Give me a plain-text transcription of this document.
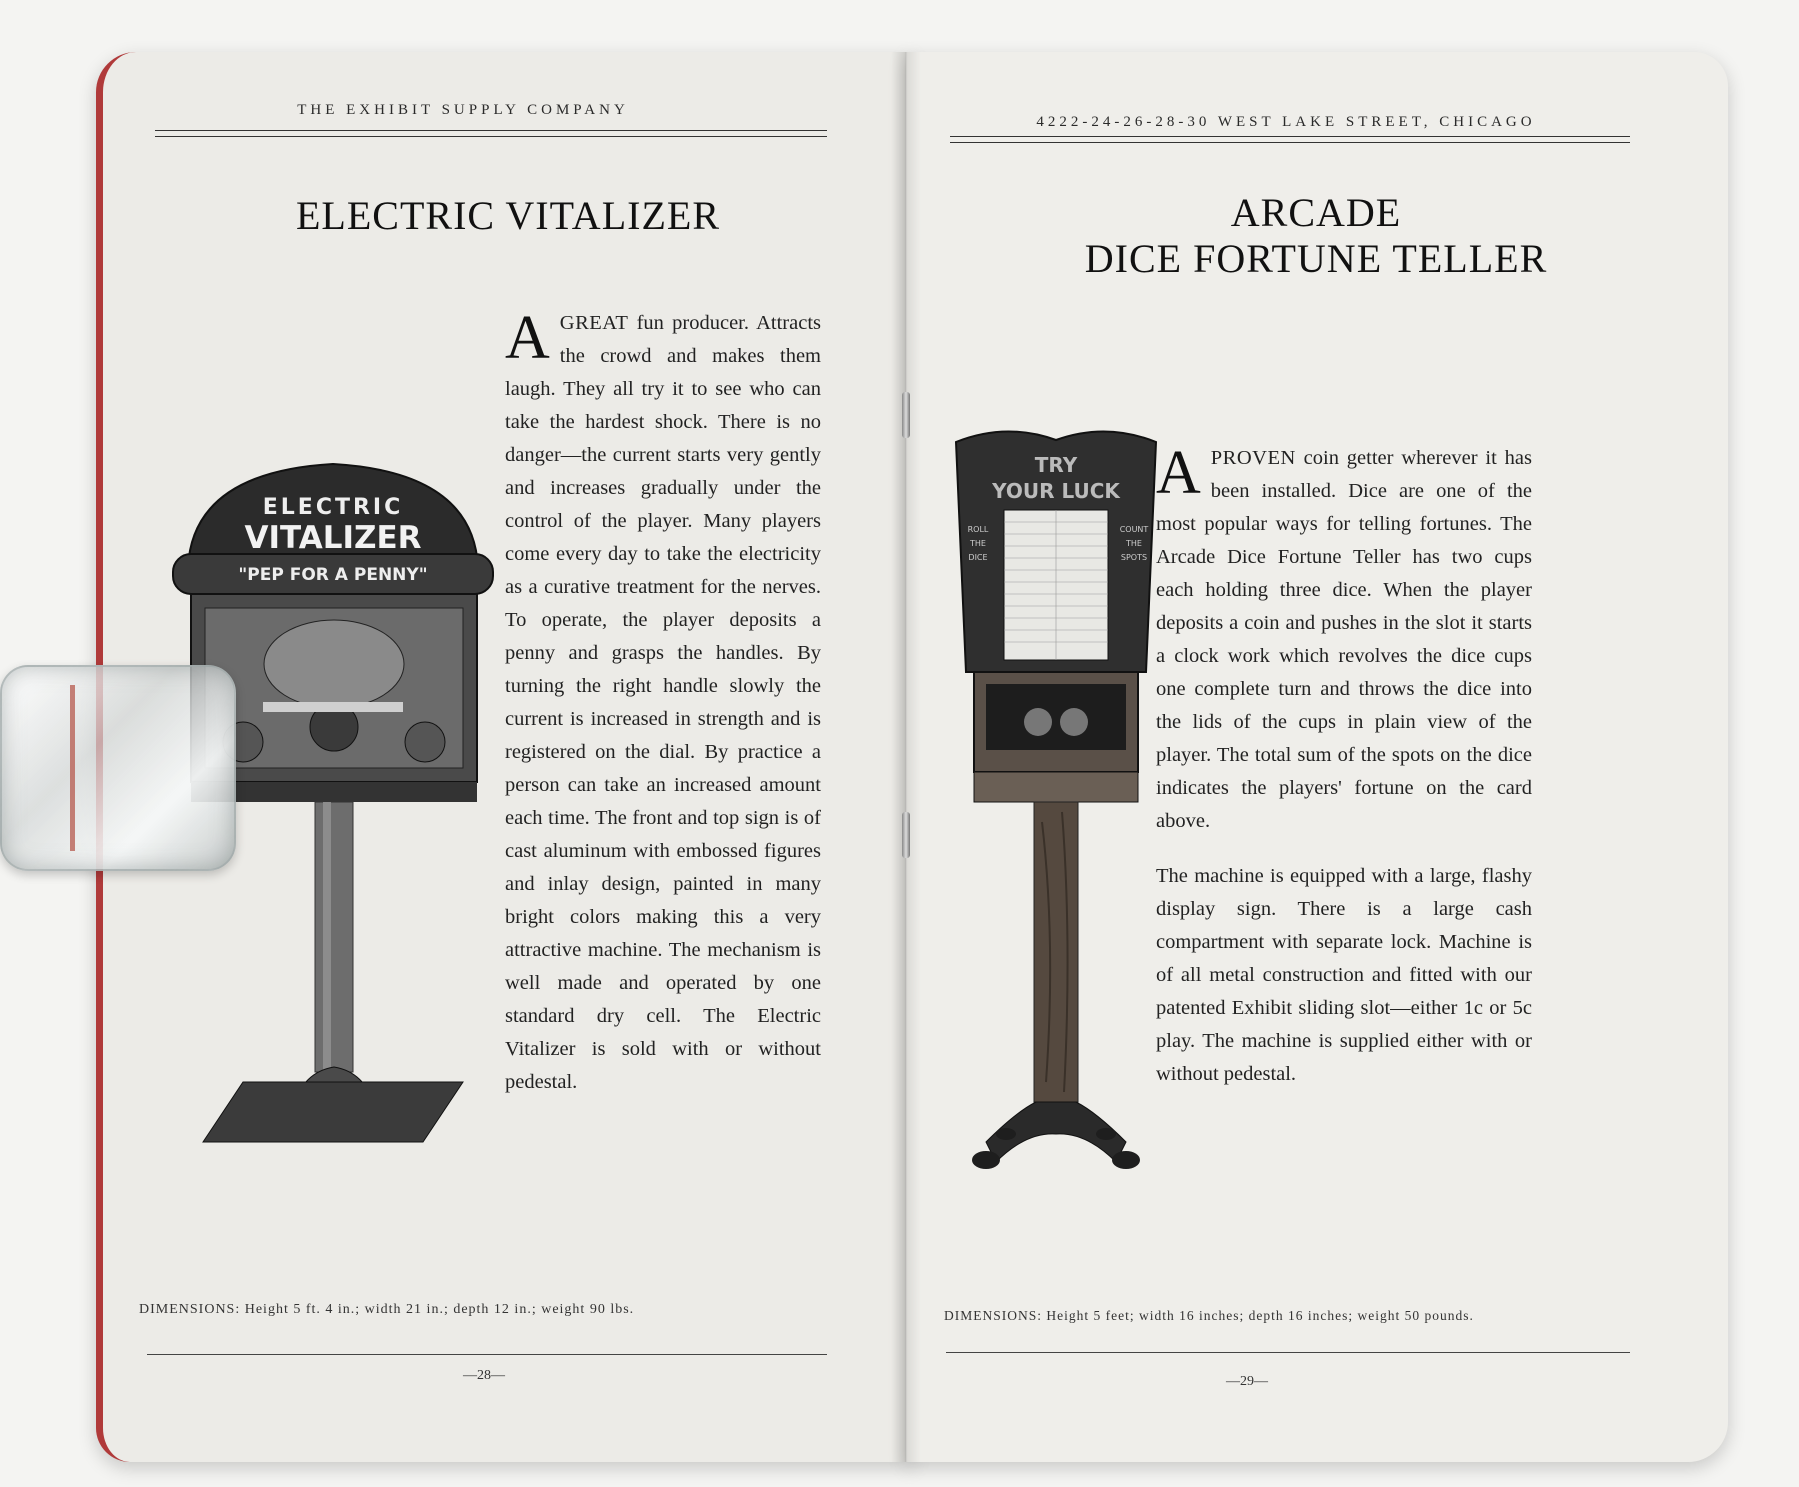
THE EXHIBIT SUPPLY COMPANY
ELECTRIC VITALIZER
ELECTRIC
VITALIZER
"PEP FOR A PENNY"
AGREAT fun producer. Attracts the crowd and makes them laugh. They all try it to see who can take the hardest shock. There is no danger—the current starts very gently and increases gradually under the control of the player. Many players come every day to take the electricity as a curative treatment for the nerves. To operate, the player deposits a penny and grasps the handles. By turning the right handle slowly the current is increased in strength and is registered on the dial. By practice a person can take an increased amount each time. The front and top sign is of cast aluminum with embossed figures and inlay design, painted in many bright colors making this a very attractive machine. The mechanism is well made and operated by one standard dry cell. The Electric Vitalizer is sold with or without pedestal.
DIMENSIONS: Height 5 ft. 4 in.; width 21 in.; depth 12 in.; weight 90 lbs.
—28—
4222-24-26-28-30 WEST LAKE STREET, CHICAGO
ARCADE
DICE FORTUNE TELLER
TRY
YOUR LUCK
ROLL
THE
DICE
COUNT
THE
SPOTS
APROVEN coin getter wherever it has been installed. Dice are one of the most popular ways for telling fortunes. The Arcade Dice Fortune Teller has two cups each holding three dice. When the player deposits a coin and pushes in the slot it starts a clock work which revolves the dice cups one complete turn and throws the dice into the lids of the cups in plain view of the player. The total sum of the spots on the dice indicates the players' fortune on the card above.
The machine is equipped with a large, flashy display sign. There is a large cash compartment with separate lock. Machine is of all metal construction and fitted with our patented Exhibit sliding slot—either 1c or 5c play. The machine is supplied either with or without pedestal.
DIMENSIONS: Height 5 feet; width 16 inches; depth 16 inches; weight 50 pounds.
—29—
